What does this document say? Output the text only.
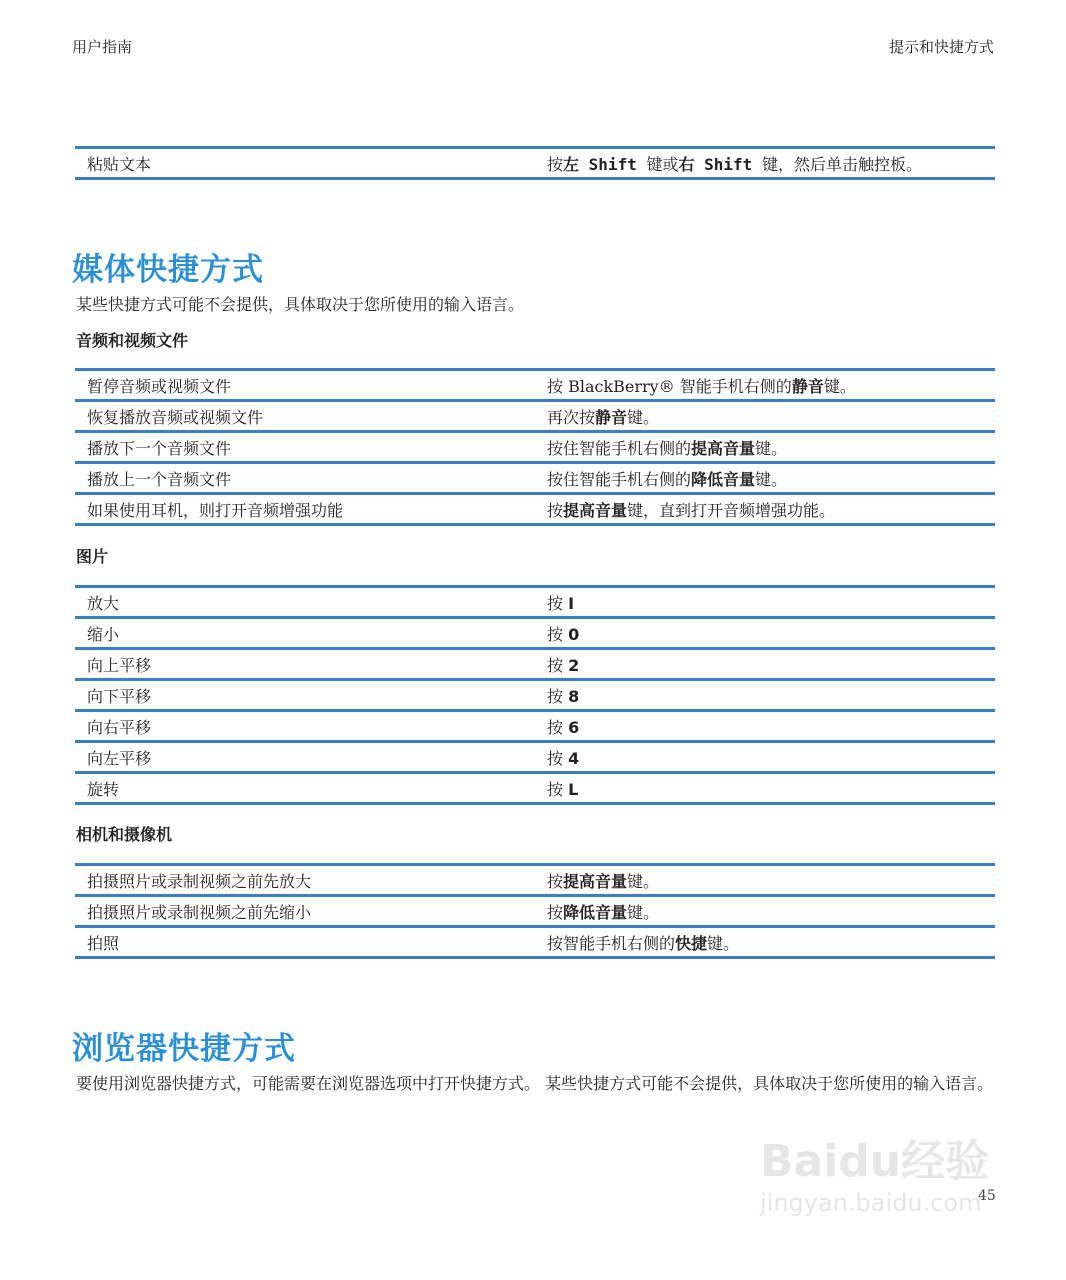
用户指南	提示和快捷方式
粘贴文本	按左 Shift 键或右 Shift 键，然后单击触控板。
媒体快捷方式
某些快捷方式可能不会提供，具体取决于您所使用的输入语言。
音频和视频文件
暂停音频或视频文件	按 BlackBerry® 智能手机右侧的静音键。
恢复播放音频或视频文件	再次按静音键。
播放下一个音频文件	按住智能手机右侧的提高音量键。
播放上一个音频文件	按住智能手机右侧的降低音量键。
如果使用耳机，则打开音频增强功能	按提高音量键，直到打开音频增强功能。
图片
放大	按 I
缩小	按 0
向上平移	按 2
向下平移	按 8
向右平移	按 6
向左平移	按 4
旋转	按 L
相机和摄像机
拍摄照片或录制视频之前先放大	按提高音量键。
拍摄照片或录制视频之前先缩小	按降低音量键。
拍照	按智能手机右侧的快捷键。
浏览器快捷方式
要使用浏览器快捷方式，可能需要在浏览器选项中打开快捷方式。 某些快捷方式可能不会提供，具体取决于您所使用的输入语言。
Baidu经验
jingyan.baidu.com
45
